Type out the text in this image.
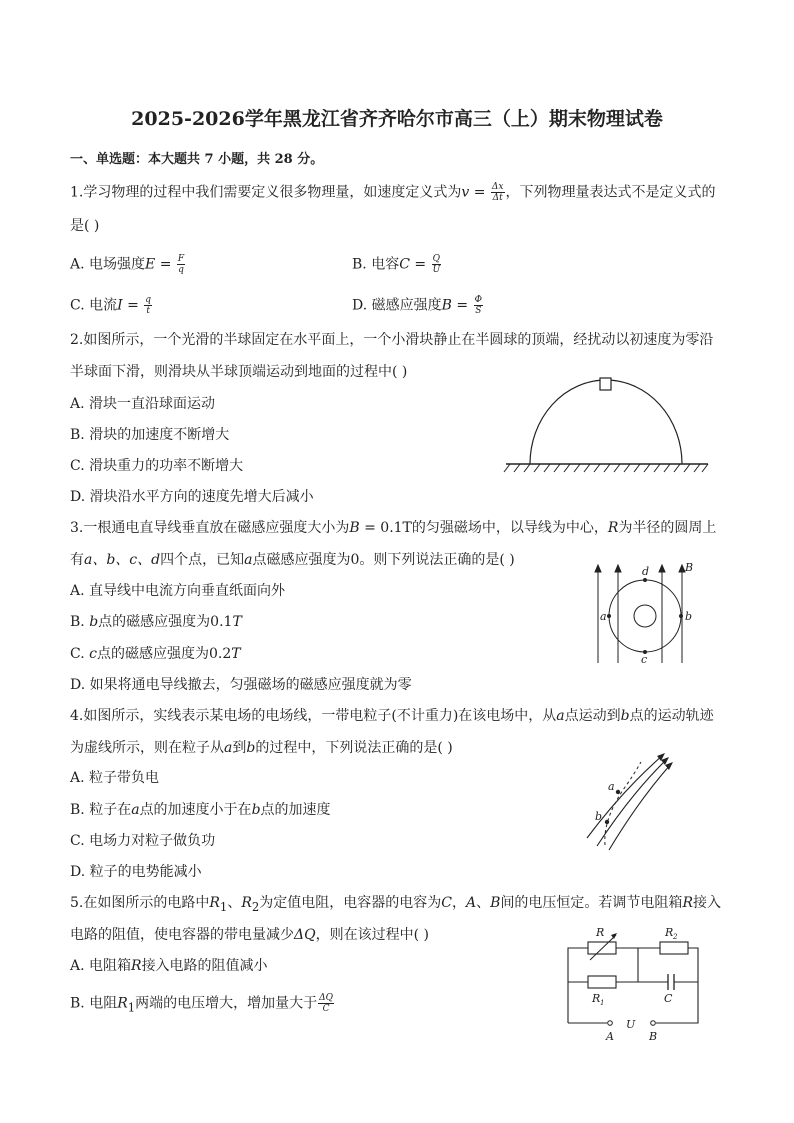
2025-2026学年黑龙江省齐齐哈尔市高三（上）期末物理试卷
一、单选题：本大题共 7 小题，共 28 分。
1.学习物理的过程中我们需要定义很多物理量，如速度定义式为$v = \frac{\Delta x}{\Delta t}$ ，下列物理量表达式不是定义式的
是( )
A. 电场强度$E = \frac{F}{q}$	B. 电容$C = \frac{Q}{U}$
C. 电流$I = \frac{q}{t}$	D. 磁感应强度$B = \frac{\Phi}{S}$
2.如图所示，一个光滑的半球固定在水平面上，一个小滑块静止在半圆球的顶端，经扰动以初速度为零沿
半球面下滑，则滑块从半球顶端运动到地面的过程中( )
A. 滑块一直沿球面运动
B. 滑块的加速度不断增大
C. 滑块重力的功率不断增大
D. 滑块沿水平方向的速度先增大后减小
3.一根通电直导线垂直放在磁感应强度大小为B = 0.1T的匀强磁场中，以导线为中心，R为半径的圆周上
有a、b、c、d四个点，已知a点磁感应强度为0。则下列说法正确的是( )
A. 直导线中电流方向垂直纸面向外
B. b点的磁感应强度为0.1T
C. c点的磁感应强度为0.2T
D. 如果将通电导线撤去，匀强磁场的磁感应强度就为零
d
c
a	b
B
4.如图所示，实线表示某电场的电场线，一带电粒子(不计重力)在该电场中，从a点运动到b点的运动轨迹
为虚线所示，则在粒子从a到b的过程中，下列说法正确的是( )
A. 粒子带负电
B. 粒子在a点的加速度小于在b点的加速度
C. 电场力对粒子做负功
D. 粒子的电势能减小
a
b
5.在如图所示的电路中$R_1$、$R_2$为定值电阻，电容器的电容为C，A、B间的电压恒定。若调节电阻箱R接入
电路的阻值，使电容器的带电量减少ΔQ，则在该过程中( )
A. 电阻箱R接入电路的阻值减小
B. 电阻$R_1$两端的电压增大，增加量大于 $\frac{\Delta Q}{C}$
R	R 2
R 1	C
U
A	B
